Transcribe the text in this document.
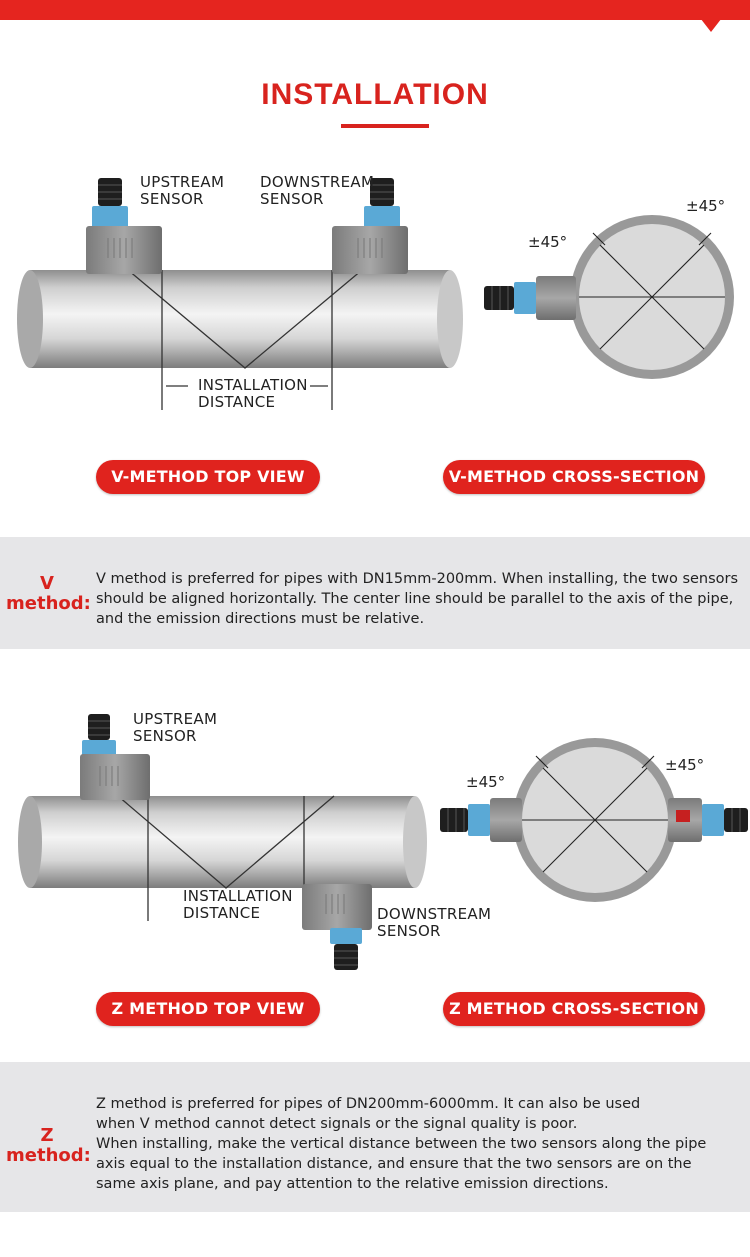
INSTALLATION
UPSTREAM
SENSOR
DOWNSTREAM
SENSOR
INSTALLATION
DISTANCE
±45°
±45°
V-METHOD TOP VIEW	V-METHOD CROSS-SECTION
V
method:
V method is preferred for pipes with DN15mm-200mm. When installing, the two sensors
should be aligned horizontally. The center line should be parallel to the axis of the pipe,
and the emission directions must be relative.
UPSTREAM
SENSOR
INSTALLATION
DISTANCE	DOWNSTREAM
SENSOR
±45°
±45°
Z METHOD TOP VIEW	Z METHOD CROSS-SECTION
Z
method:
Z method is preferred for pipes of DN200mm-6000mm. It can also be used
when V method cannot detect signals or the signal quality is poor.
When installing, make the vertical distance between the two sensors along the pipe
axis equal to the installation distance, and ensure that the two sensors are on the
same axis plane, and pay attention to the relative emission directions.
